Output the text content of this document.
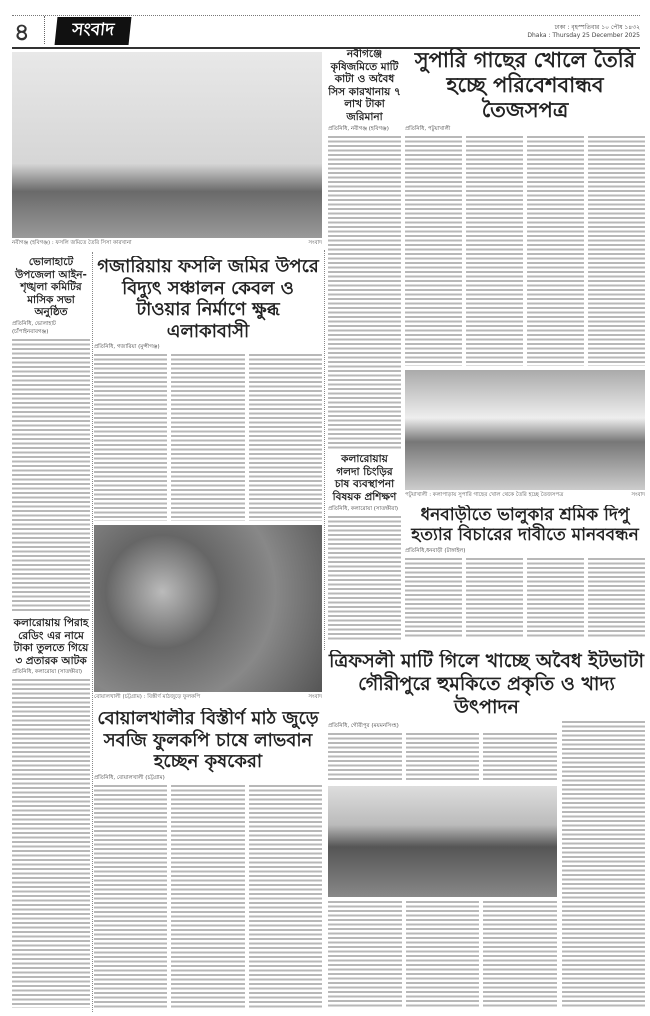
৪	সংবাদ	ঢাকা : বৃহস্পতিবার ১০ পৌষ ১৪৩২
Dhaka : Thursday 25 December 2025
নবীগঞ্জ (হবিগঞ্জ) : ফসলি জমিতে তৈরি সিসা কারখানা	সংবাদ
নবীগঞ্জে কৃষিজমিতে মাটি কাটা ও অবৈধ সিস কারখানায় ৭ লাখ টাকা জরিমানা
প্রতিনিধি, নবীগঞ্জ (হবিগঞ্জ)
কলারোয়ায় গলদা চিংড়ির চাষ ব্যবস্থাপনা বিষয়ক প্রশিক্ষণ
প্রতিনিধি, কলারোয়া (সাতক্ষীরা)
সুপারি গাছের খোলে তৈরি হচ্ছে পরিবেশবান্ধব তৈজসপত্র
প্রতিনিধি, পটুয়াখালী
পটুয়াখালী : কলাপাড়ায় সুপারি গাছের খোল থেকে তৈরি হচ্ছে তৈজসপত্র	সংবাদ
ধনবাড়ীতে ভালুকার শ্রমিক দিপু হত্যার বিচারের দাবীতে মানববন্ধন
প্রতিনিধি,ধনবাড়ী (টাঙ্গাইল)
ত্রিফসলী মাটি গিলে খাচ্ছে অবৈধ ইটভাটা গৌরীপুরে হুমকিতে প্রকৃতি ও খাদ্য উৎপাদন
প্রতিনিধি, গৌরীপুর (ময়মনসিংহ)
ভোলাহাটে উপজেলা আইন-শৃঙ্খলা কমিটির মাসিক সভা অনুষ্ঠিত
প্রতিনিধি, ভোলাহাট (চাঁপাইনবাবগঞ্জ)
কলারোয়ায় পিরাহ রেডিং এর নামে টাকা তুলতে গিয়ে ৩ প্রতারক আটক
প্রতিনিধি, কলারোয়া (সাতক্ষীরা)
গজারিয়ায় ফসলি জমির উপরে বিদ্যুৎ সঞ্চালন কেবল ও টাওয়ার নির্মাণে ক্ষুব্ধ এলাকাবাসী
প্রতিনিধি, গজারিয়া (মুন্সীগঞ্জ)
বোয়ালখালী (চট্টগ্রাম) : বিস্তীর্ণ মাঠজুড়ে ফুলকপি	সংবাদ
বোয়ালখালীর বিস্তীর্ণ মাঠ জুড়ে সবজি ফুলকপি চাষে লাভবান হচ্ছেন কৃষকেরা
প্রতিনিধি, বোয়ালখালী (চট্টগ্রাম)
